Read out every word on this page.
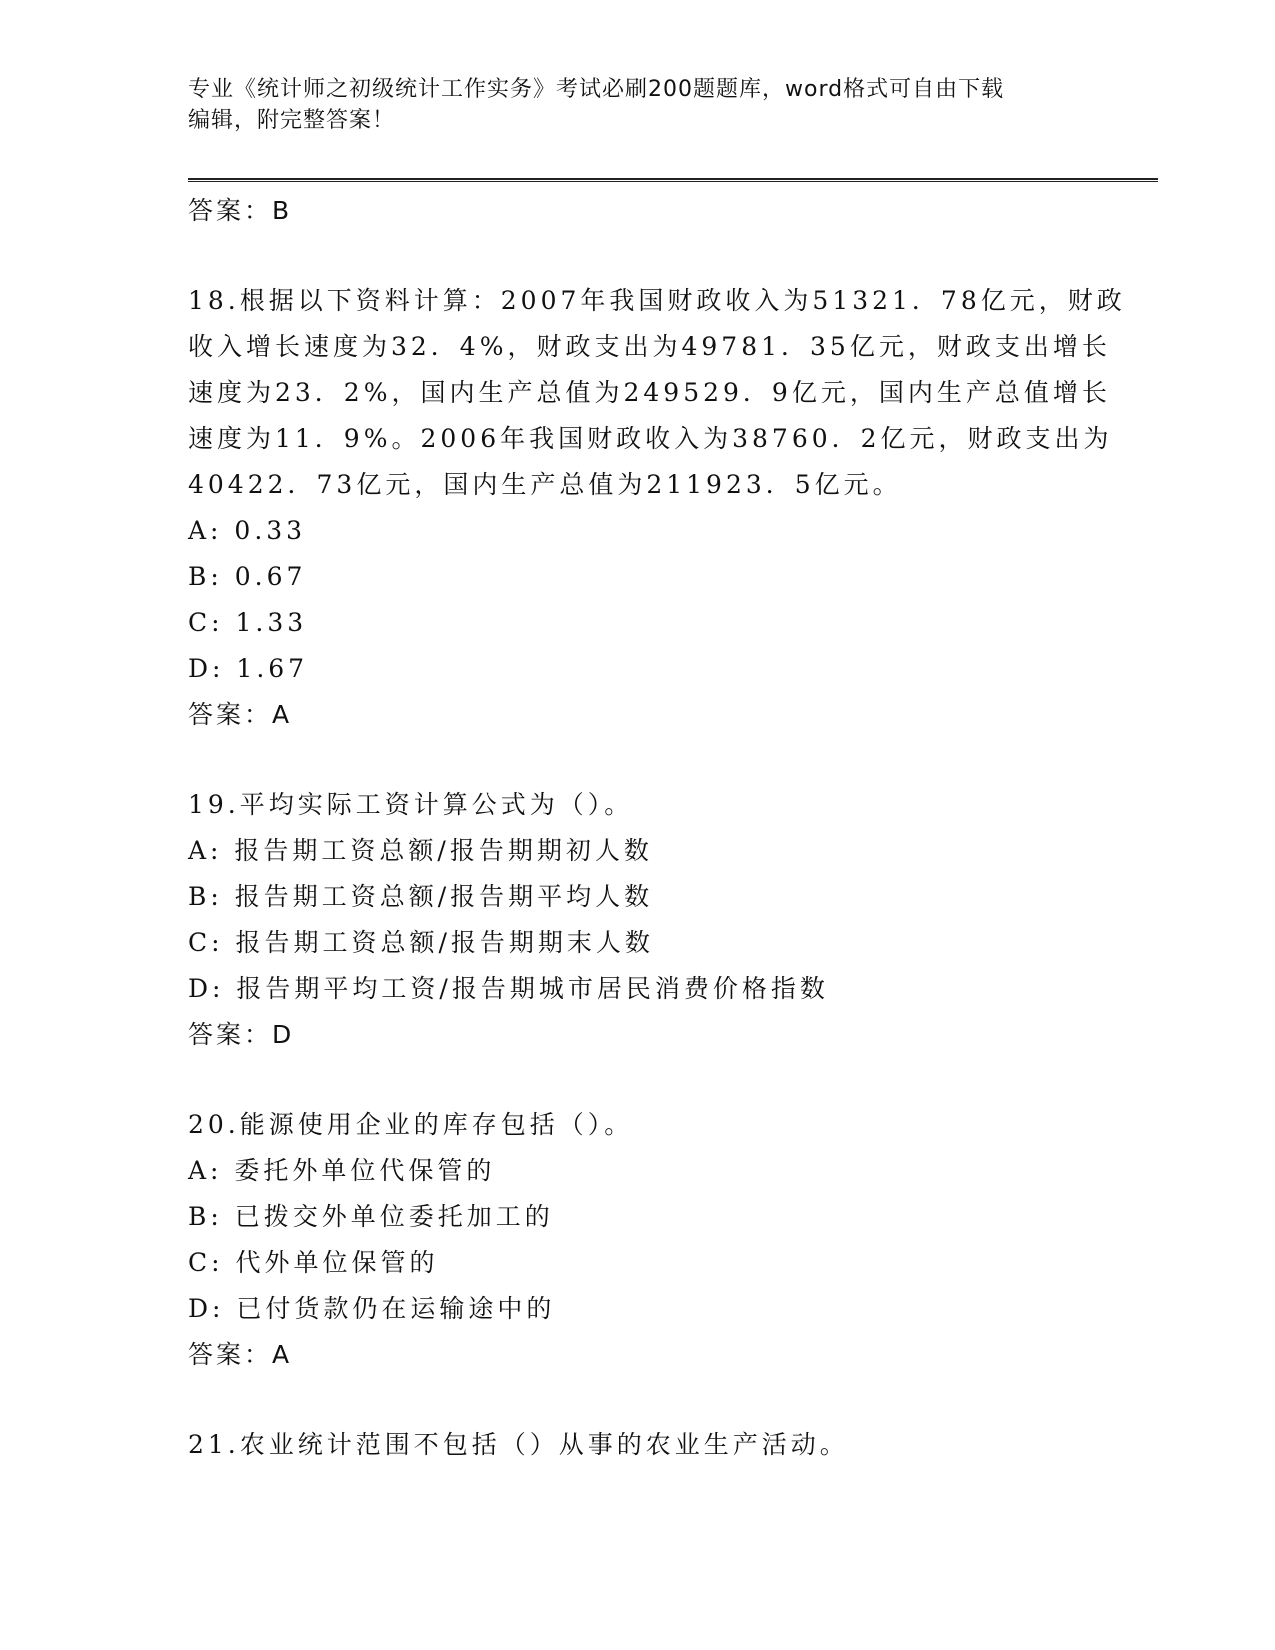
专业《统计师之初级统计工作实务》考试必刷200题题库，word格式可自由下载
编辑，附完整答案！
答案：B
18.根据以下资料计算：2007年我国财政收入为51321．78亿元，财政
收入增长速度为32．4%，财政支出为49781．35亿元，财政支出增长
速度为23．2%，国内生产总值为249529．9亿元，国内生产总值增长
速度为11．9%。2006年我国财政收入为38760．2亿元，财政支出为
40422．73亿元，国内生产总值为211923．5亿元。
A: 0.33
B: 0.67
C: 1.33
D: 1.67
答案：A
19.平均实际工资计算公式为（）。
A: 报告期工资总额/报告期期初人数
B: 报告期工资总额/报告期平均人数
C: 报告期工资总额/报告期期末人数
D: 报告期平均工资/报告期城市居民消费价格指数
答案：D
20.能源使用企业的库存包括（）。
A: 委托外单位代保管的
B: 已拨交外单位委托加工的
C: 代外单位保管的
D: 已付货款仍在运输途中的
答案：A
21.农业统计范围不包括（）从事的农业生产活动。
